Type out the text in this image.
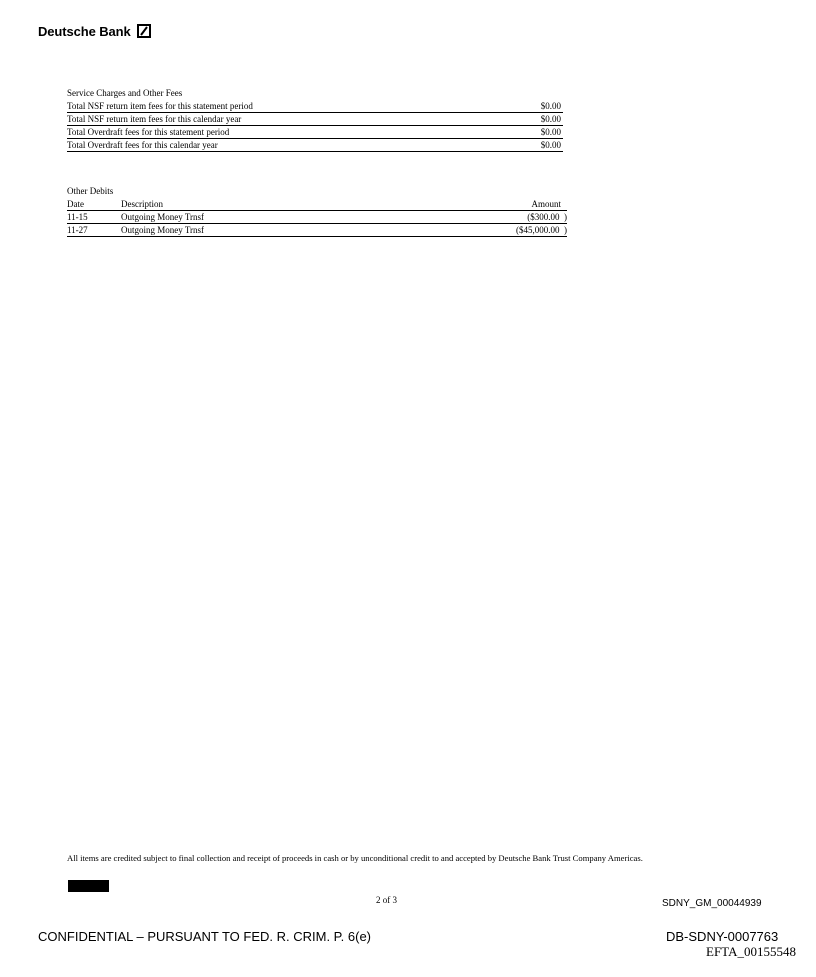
Deutsche Bank
Service Charges and Other Fees
Total NSF return item fees for this statement period	$0.00
Total NSF return item fees for this calendar year	$0.00
Total Overdraft fees for this statement period	$0.00
Total Overdraft fees for this calendar year	$0.00
Other Debits
Date	Description	Amount
11-15	Outgoing Money Trnsf	($300.00  )
11-27	Outgoing Money Trnsf	($45,000.00  )
All items are credited subject to final collection and receipt of proceeds in cash or by unconditional credit to and accepted by Deutsche Bank Trust Company Americas.
2 of 3	SDNY_GM_00044939
CONFIDENTIAL – PURSUANT TO FED. R. CRIM. P. 6(e)	DB-SDNY-0007763
EFTA_00155548
